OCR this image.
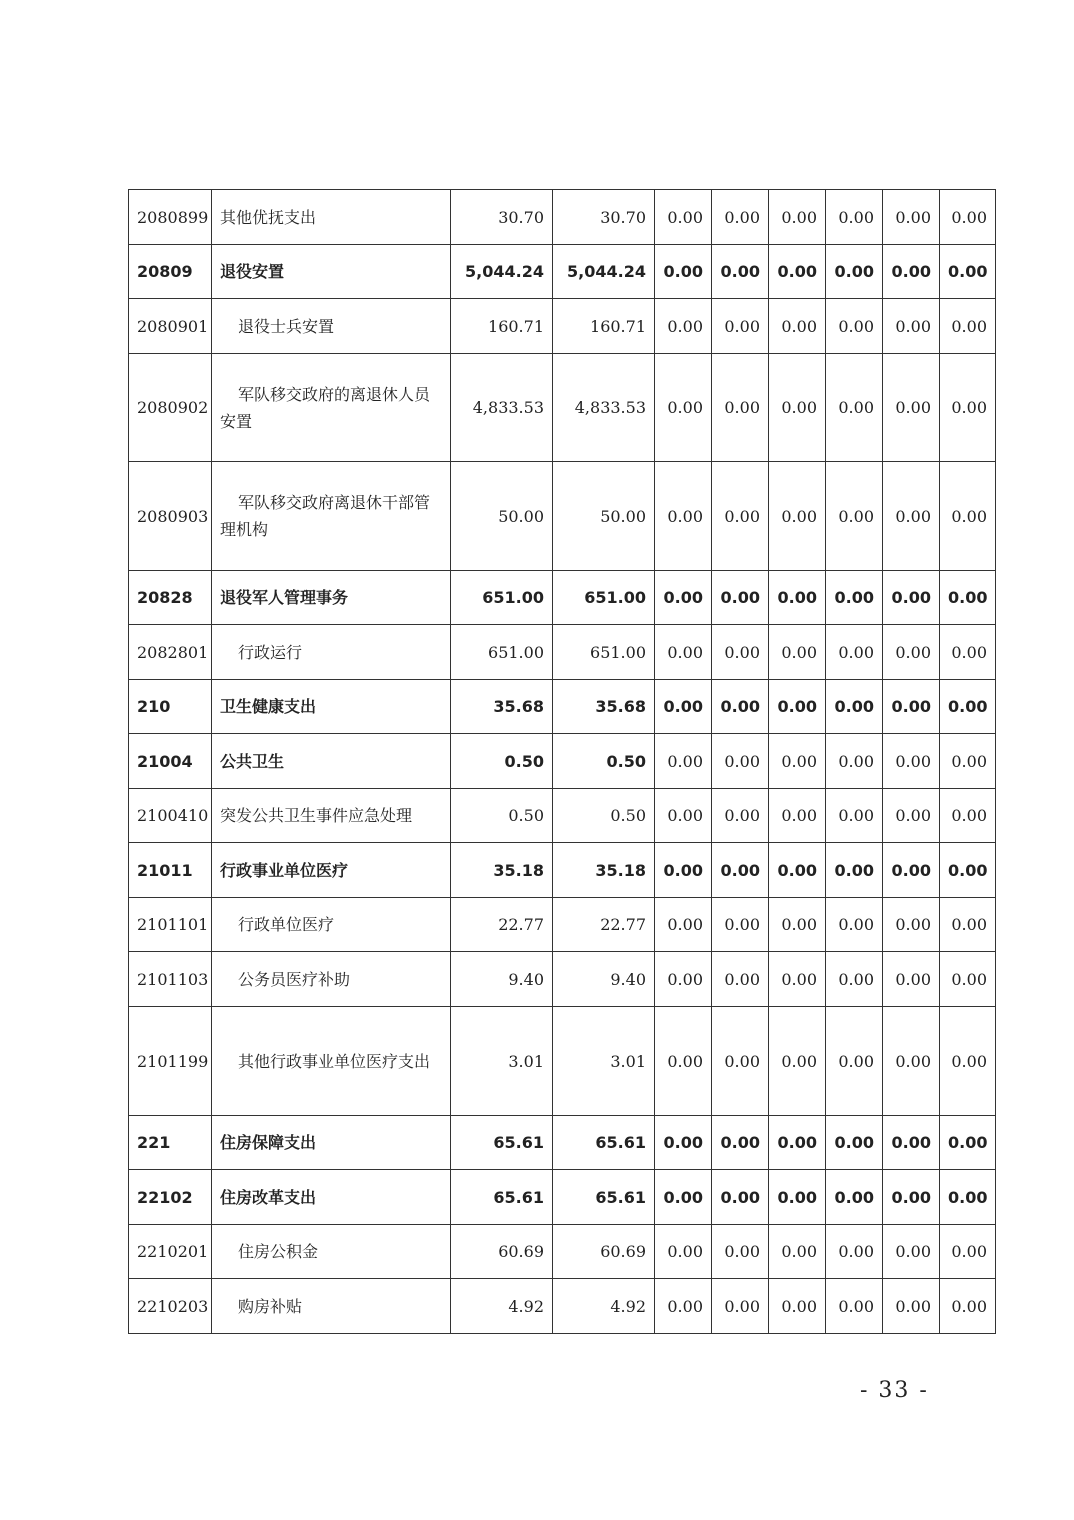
2080899	其他优抚支出	30.70	30.70	0.00	0.00	0.00	0.00	0.00	0.00
20809	退役安置	5,044.24	5,044.24	0.00	0.00	0.00	0.00	0.00	0.00
2080901	退役士兵安置	160.71	160.71	0.00	0.00	0.00	0.00	0.00	0.00
2080902	军队移交政府的离退休人员安置	4,833.53	4,833.53	0.00	0.00	0.00	0.00	0.00	0.00
2080903	军队移交政府离退休干部管理机构	50.00	50.00	0.00	0.00	0.00	0.00	0.00	0.00
20828	退役军人管理事务	651.00	651.00	0.00	0.00	0.00	0.00	0.00	0.00
2082801	行政运行	651.00	651.00	0.00	0.00	0.00	0.00	0.00	0.00
210	卫生健康支出	35.68	35.68	0.00	0.00	0.00	0.00	0.00	0.00
21004	公共卫生	0.50	0.50	0.00	0.00	0.00	0.00	0.00	0.00
2100410	突发公共卫生事件应急处理	0.50	0.50	0.00	0.00	0.00	0.00	0.00	0.00
21011	行政事业单位医疗	35.18	35.18	0.00	0.00	0.00	0.00	0.00	0.00
2101101	行政单位医疗	22.77	22.77	0.00	0.00	0.00	0.00	0.00	0.00
2101103	公务员医疗补助	9.40	9.40	0.00	0.00	0.00	0.00	0.00	0.00
2101199	其他行政事业单位医疗支出	3.01	3.01	0.00	0.00	0.00	0.00	0.00	0.00
221	住房保障支出	65.61	65.61	0.00	0.00	0.00	0.00	0.00	0.00
22102	住房改革支出	65.61	65.61	0.00	0.00	0.00	0.00	0.00	0.00
2210201	住房公积金	60.69	60.69	0.00	0.00	0.00	0.00	0.00	0.00
2210203	购房补贴	4.92	4.92	0.00	0.00	0.00	0.00	0.00	0.00
- 33 -
